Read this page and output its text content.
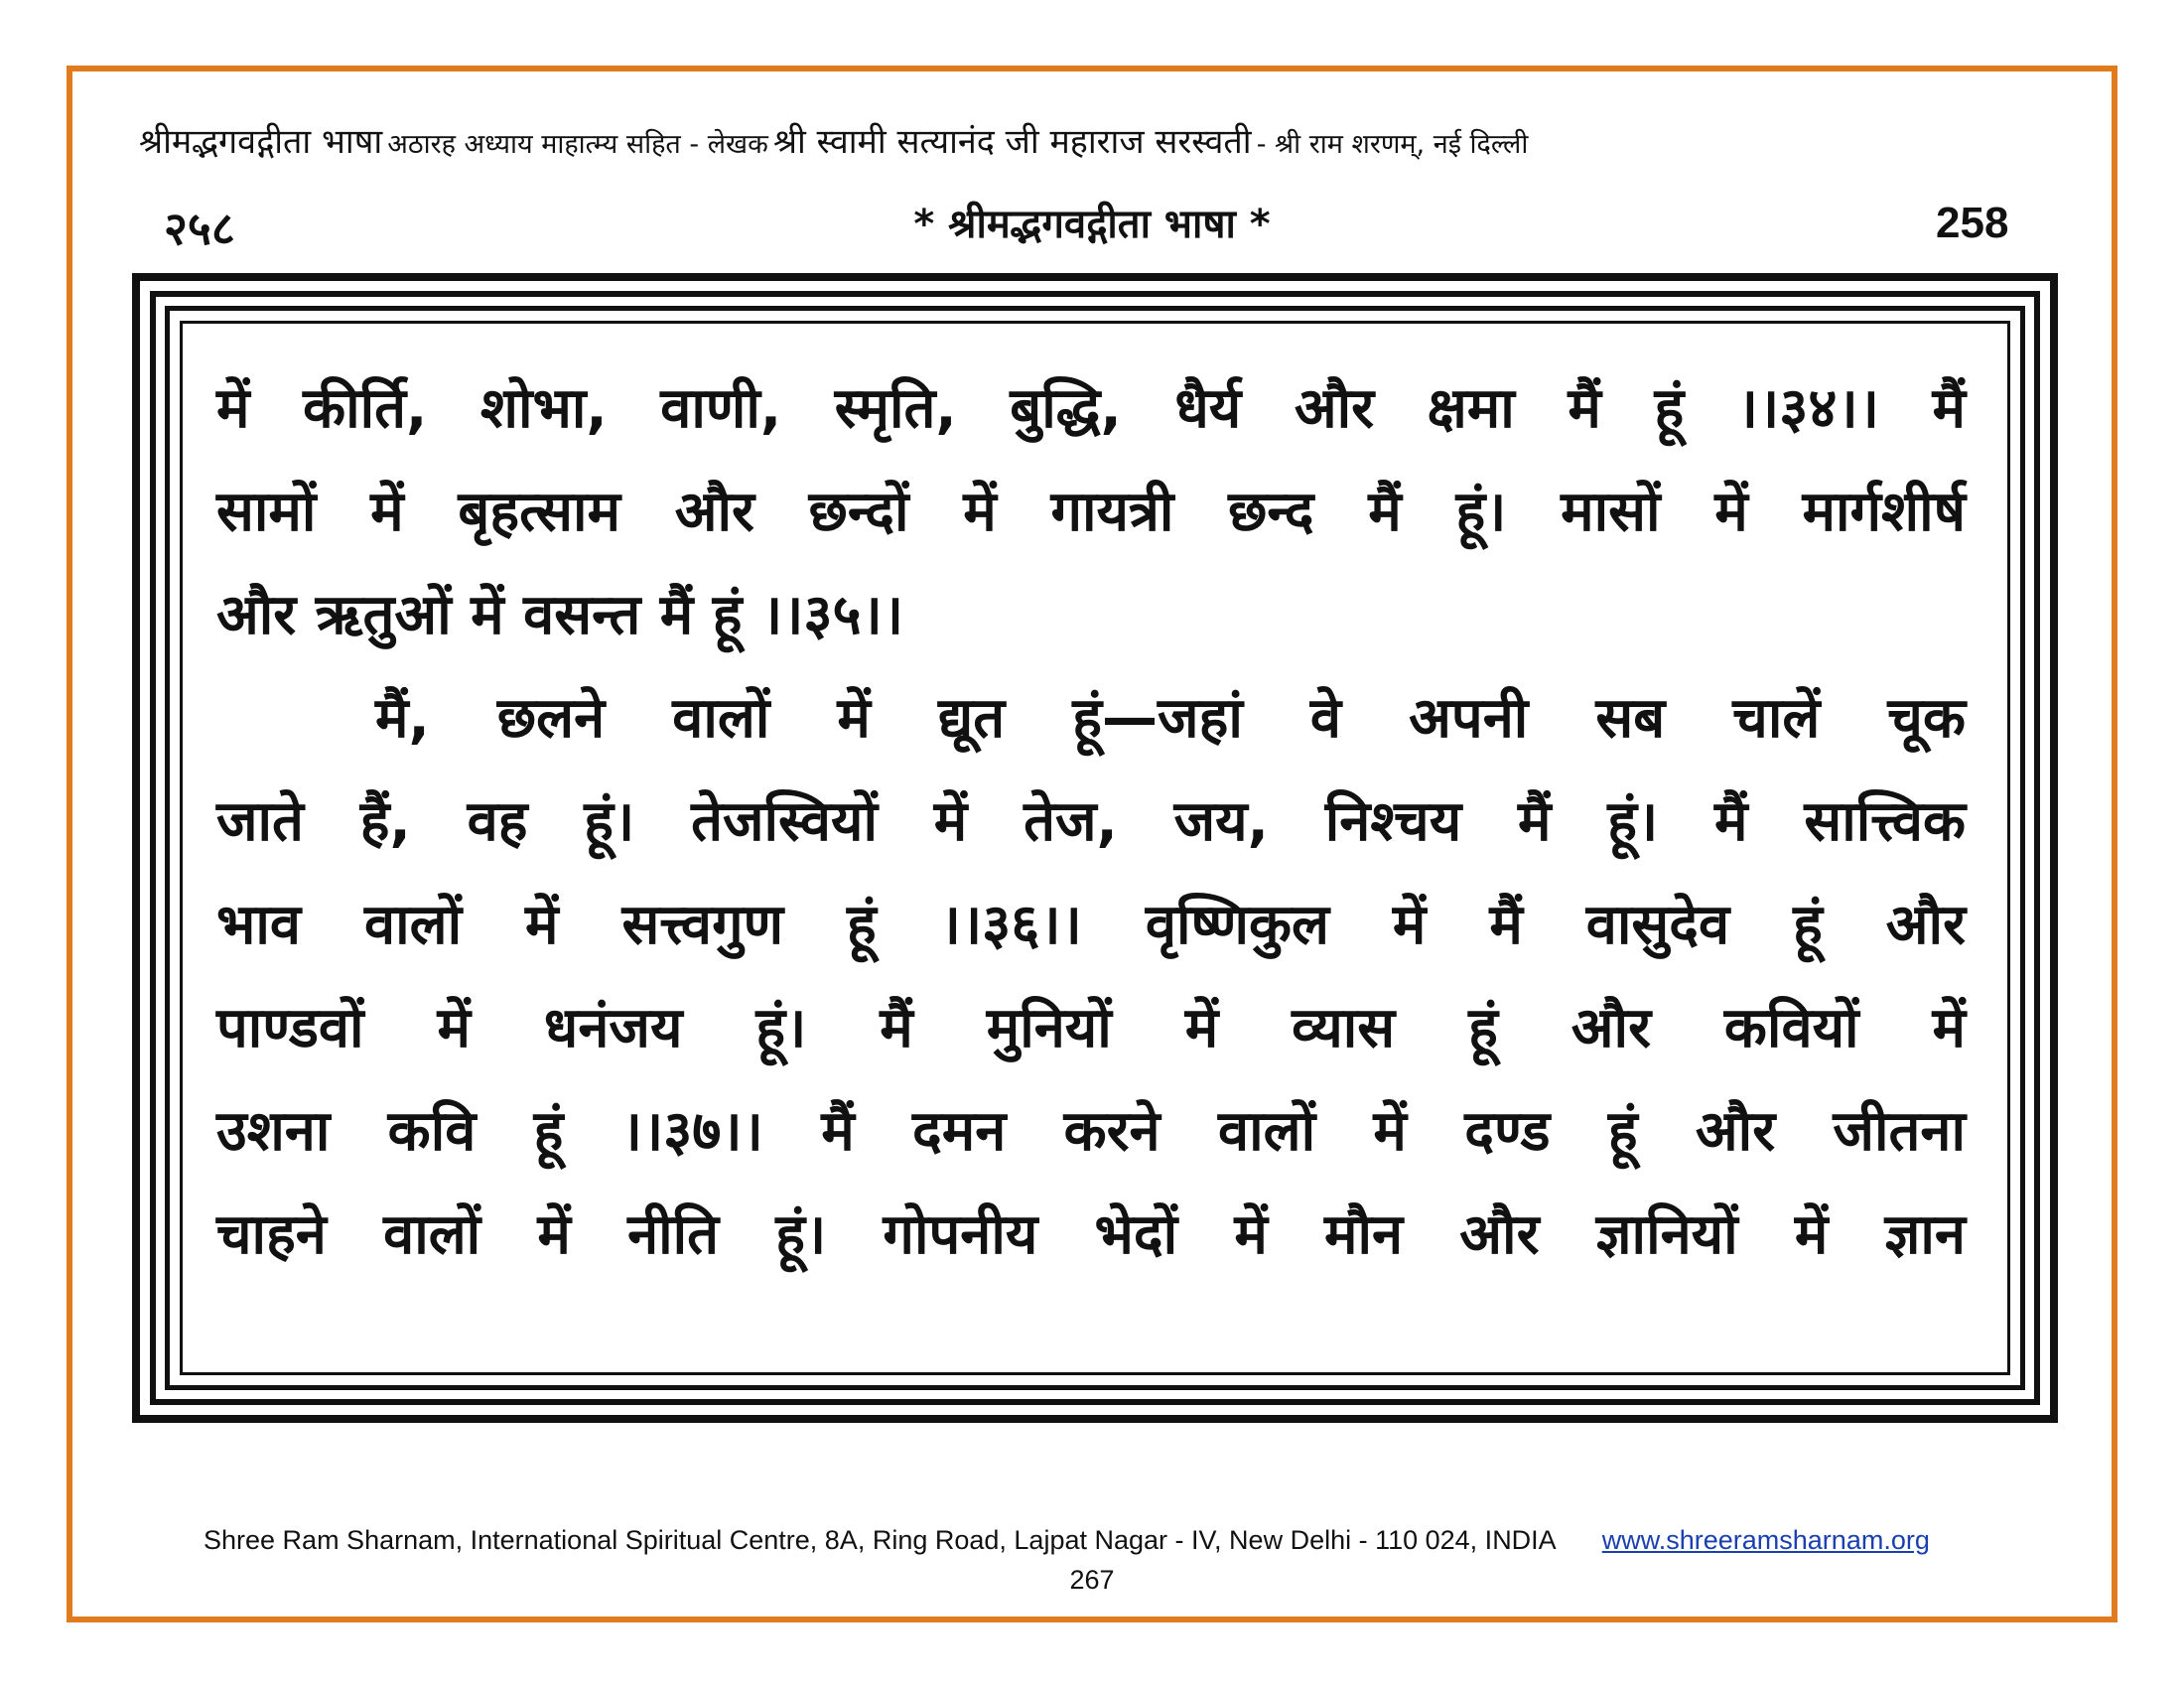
श्रीमद्भगवद्गीता भाषा अठारह अध्याय माहात्म्य सहित - लेखक श्री स्वामी सत्यानंद जी महाराज सरस्वती - श्री राम शरणम्, नई दिल्ली
२५८	* श्रीमद्भगवद्गीता भाषा *	258
में कीर्ति, शोभा, वाणी, स्मृति, बुद्धि, धैर्य और क्षमा मैं हूं ।।३४।। मैं
सामों में बृहत्साम और छन्दों में गायत्री छन्द मैं हूं। मासों में मार्गशीर्ष
और ऋतुओं में वसन्त मैं हूं ।।३५।।
मैं, छलने वालों में द्यूत हूं—जहां वे अपनी सब चालें चूक
जाते हैं, वह हूं। तेजस्वियों में तेज, जय, निश्चय मैं हूं। मैं सात्त्विक
भाव वालों में सत्त्वगुण हूं ।।३६।। वृष्णिकुल में मैं वासुदेव हूं और
पाण्डवों में धनंजय हूं। मैं मुनियों में व्यास हूं और कवियों में
उशना कवि हूं ।।३७।। मैं दमन करने वालों में दण्ड हूं और जीतना
चाहने वालों में नीति हूं। गोपनीय भेदों में मौन और ज्ञानियों में ज्ञान
Shree Ram Sharnam, International Spiritual Centre, 8A, Ring Road, Lajpat Nagar - IV, New Delhi - 110 024, INDIA www.shreeramsharnam.org
267
